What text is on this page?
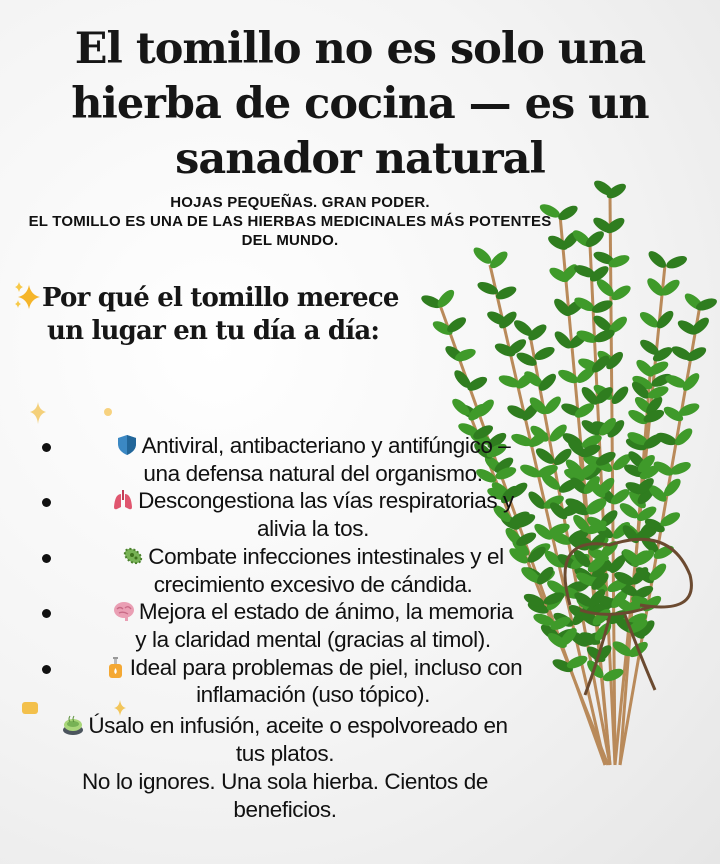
El tomillo no es solo una
hierba de cocina — es un
sanador natural
HOJAS PEQUEÑAS. GRAN PODER.
EL TOMILLO ES UNA DE LAS HIERBAS MEDICINALES MÁS POTENTES
DEL MUNDO.
Por qué el tomillo merece
un lugar en tu día a día:
Antiviral, antibacteriano y antifúngico –
una defensa natural del organismo.
Descongestiona las vías respiratorias y
alivia la tos.
Combate infecciones intestinales y el
crecimiento excesivo de cándida.
Mejora el estado de ánimo, la memoria
y la claridad mental (gracias al timol).
Ideal para problemas de piel, incluso con
inflamación (uso tópico).
Úsalo en infusión, aceite o espolvoreado en
tus platos.
No lo ignores. Una sola hierba. Cientos de
beneficios.
